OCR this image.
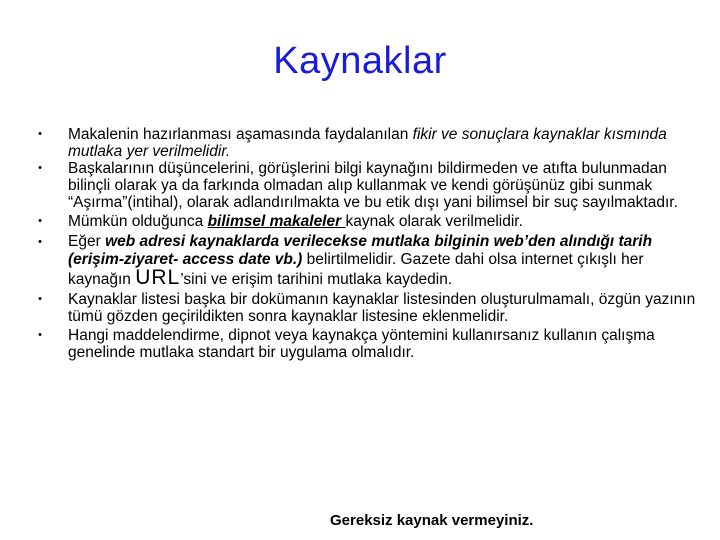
Kaynaklar
•	Makalenin hazırlanması aşamasında faydalanılan fikir ve sonuçlara kaynaklar kısmında mutlaka yer verilmelidir.
•	Başkalarının düşüncelerini, görüşlerini bilgi kaynağını bildirmeden ve atıfta bulunmadan bilinçli olarak ya da farkında olmadan alıp kullanmak ve kendi görüşünüz gibi sunmak “Aşırma”(intihal), olarak adlandırılmakta ve bu etik dışı yani bilimsel bir suç sayılmaktadır.
•	Mümkün olduğunca bilimsel makaleler kaynak olarak verilmelidir.
•	Eğer web adresi kaynaklarda verilecekse mutlaka bilginin web’den alındığı tarih (erişim-ziyaret- access date vb.) belirtilmelidir. Gazete dahi olsa internet çıkışlı her kaynağın URL’sini ve erişim tarihini mutlaka kaydedin.
•	Kaynaklar listesi başka bir dokümanın kaynaklar listesinden oluşturulmamalı, özgün yazının tümü gözden geçirildikten sonra kaynaklar listesine eklenmelidir.
•	Hangi maddelendirme, dipnot veya kaynakça yöntemini kullanırsanız kullanın çalışma genelinde mutlaka standart bir uygulama olmalıdır.
Gereksiz kaynak vermeyiniz.
